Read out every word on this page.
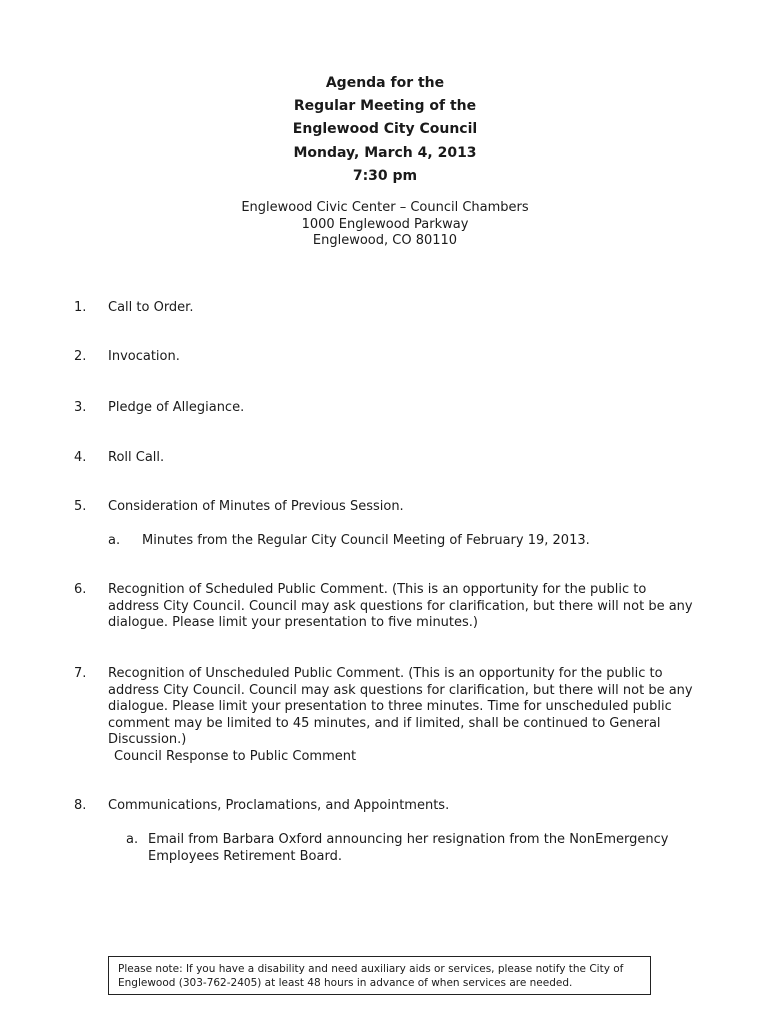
Agenda for the
Regular Meeting of the
Englewood City Council
Monday, March 4, 2013
7:30 pm
Englewood Civic Center – Council Chambers
1000 Englewood Parkway
Englewood, CO 80110
1. Call to Order.
2. Invocation.
3. Pledge of Allegiance.
4. Roll Call.
5. Consideration of Minutes of Previous Session.
a. Minutes from the Regular City Council Meeting of February 19, 2013.
6. Recognition of Scheduled Public Comment. (This is an opportunity for the public to address City Council. Council may ask questions for clarification, but there will not be any dialogue. Please limit your presentation to five minutes.)
7. Recognition of Unscheduled Public Comment. (This is an opportunity for the public to address City Council. Council may ask questions for clarification, but there will not be any dialogue. Please limit your presentation to three minutes. Time for unscheduled public comment may be limited to 45 minutes, and if limited, shall be continued to General Discussion.)
Council Response to Public Comment
8. Communications, Proclamations, and Appointments.
a. Email from Barbara Oxford announcing her resignation from the NonEmergency Employees Retirement Board.
Please note: If you have a disability and need auxiliary aids or services, please notify the City of Englewood (303-762-2405) at least 48 hours in advance of when services are needed.
